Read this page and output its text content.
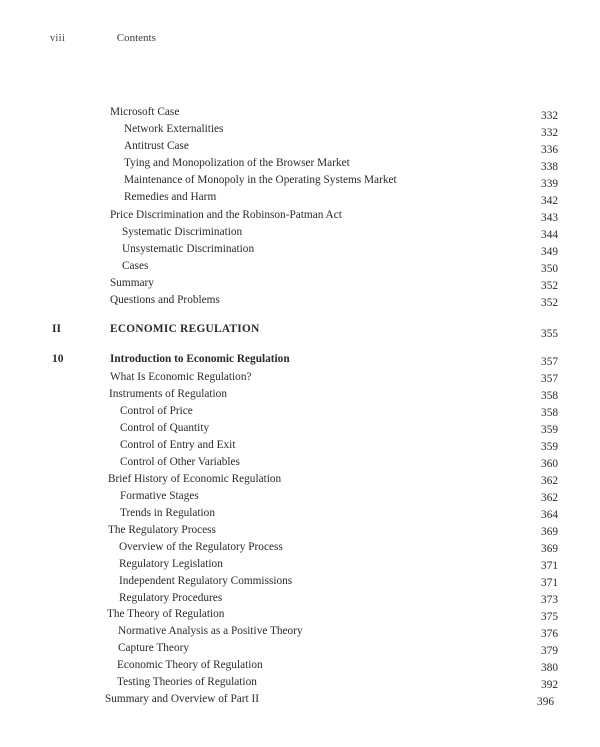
viii	Contents
Microsoft Case	332
Network Externalities	332
Antitrust Case	336
Tying and Monopolization of the Browser Market	338
Maintenance of Monopoly in the Operating Systems Market	339
Remedies and Harm	342
Price Discrimination and the Robinson-Patman Act	343
Systematic Discrimination	344
Unsystematic Discrimination	349
Cases	350
Summary	352
Questions and Problems	352
II	ECONOMIC REGULATION	355
10	Introduction to Economic Regulation	357
What Is Economic Regulation?	357
Instruments of Regulation	358
Control of Price	358
Control of Quantity	359
Control of Entry and Exit	359
Control of Other Variables	360
Brief History of Economic Regulation	362
Formative Stages	362
Trends in Regulation	364
The Regulatory Process	369
Overview of the Regulatory Process	369
Regulatory Legislation	371
Independent Regulatory Commissions	371
Regulatory Procedures	373
The Theory of Regulation	375
Normative Analysis as a Positive Theory	376
Capture Theory	379
Economic Theory of Regulation	380
Testing Theories of Regulation	392
Summary and Overview of Part II	396
